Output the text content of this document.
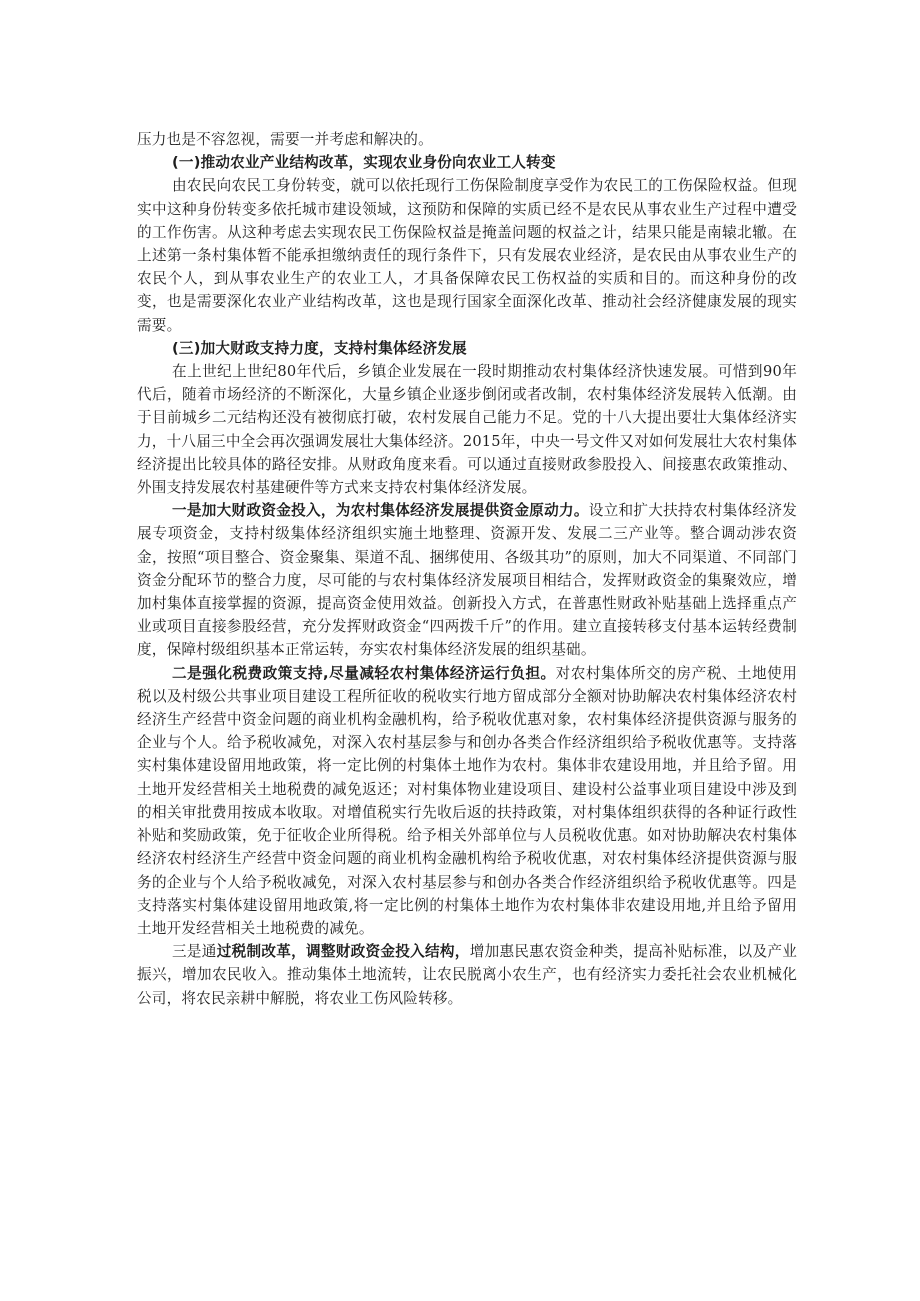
压力也是不容忽视，需要一并考虑和解决的。

(一)推动农业产业结构改革，实现农业身份向农业工人转变

由农民向农民工身份转变，就可以依托现行工伤保险制度享受作为农民工的工伤保险权益。但现实中这种身份转变多依托城市建设领域，这预防和保障的实质已经不是农民从事农业生产过程中遭受的工作伤害。从这种考虑去实现农民工伤保险权益是掩盖问题的权益之计，结果只能是南辕北辙。在上述第一条村集体暂不能承担缴纳责任的现行条件下，只有发展农业经济，是农民由从事农业生产的农民个人，到从事农业生产的农业工人，才具备保障农民工伤权益的实质和目的。而这种身份的改变，也是需要深化农业产业结构改革，这也是现行国家全面深化改革、推动社会经济健康发展的现实需要。

(三)加大财政支持力度，支持村集体经济发展

在上世纪上世纪80年代后，乡镇企业发展在一段时期推动农村集体经济快速发展。可惜到90年代后，随着市场经济的不断深化，大量乡镇企业逐步倒闭或者改制，农村集体经济发展转入低潮。由于目前城乡二元结构还没有被彻底打破，农村发展自己能力不足。党的十八大提出要壮大集体经济实力，十八届三中全会再次强调发展壮大集体经济。2015年，中央一号文件又对如何发展壮大农村集体经济提出比较具体的路径安排。从财政角度来看。可以通过直接财政参股投入、间接惠农政策推动、外围支持发展农村基建硬件等方式来支持农村集体经济发展。

一是加大财政资金投入，为农村集体经济发展提供资金原动力。设立和扩大扶持农村集体经济发展专项资金，支持村级集体经济组织实施土地整理、资源开发、发展二三产业等。整合调动涉农资金，按照“项目整合、资金聚集、渠道不乱、捆绑使用、各级其功”的原则，加大不同渠道、不同部门资金分配环节的整合力度，尽可能的与农村集体经济发展项目相结合，发挥财政资金的集聚效应，增加村集体直接掌握的资源，提高资金使用效益。创新投入方式，在普惠性财政补贴基础上选择重点产业或项目直接参股经营，充分发挥财政资金“四两拨千斤”的作用。建立直接转移支付基本运转经费制度，保障村级组织基本正常运转，夯实农村集体经济发展的组织基础。

二是强化税费政策支持,尽量减轻农村集体经济运行负担。对农村集体所交的房产税、土地使用税以及村级公共事业项目建设工程所征收的税收实行地方留成部分全额对协助解决农村集体经济农村经济生产经营中资金问题的商业机构金融机构，给予税收优惠对象，农村集体经济提供资源与服务的企业与个人。给予税收减免，对深入农村基层参与和创办各类合作经济组织给予税收优惠等。支持落实村集体建设留用地政策，将一定比例的村集体土地作为农村。集体非农建设用地，并且给予留。用土地开发经营相关土地税费的减免返还；对村集体物业建设项目、建设村公益事业项目建设中涉及到的相关审批费用按成本收取。对增值税实行先收后返的扶持政策，对村集体组织获得的各种证行政性补贴和奖励政策，免于征收企业所得税。给予相关外部单位与人员税收优惠。如对协助解决农村集体经济农村经济生产经营中资金问题的商业机构金融机构给予税收优惠，对农村集体经济提供资源与服务的企业与个人给予税收减免，对深入农村基层参与和创办各类合作经济组织给予税收优惠等。四是支持落实村集体建设留用地政策,将一定比例的村集体土地作为农村集体非农建设用地,并且给予留用土地开发经营相关土地税费的减免。

三是通过税制改革，调整财政资金投入结构，增加惠民惠农资金种类，提高补贴标准，以及产业振兴，增加农民收入。推动集体土地流转，让农民脱离小农生产，也有经济实力委托社会农业机械化公司，将农民亲耕中解脱，将农业工伤风险转移。
